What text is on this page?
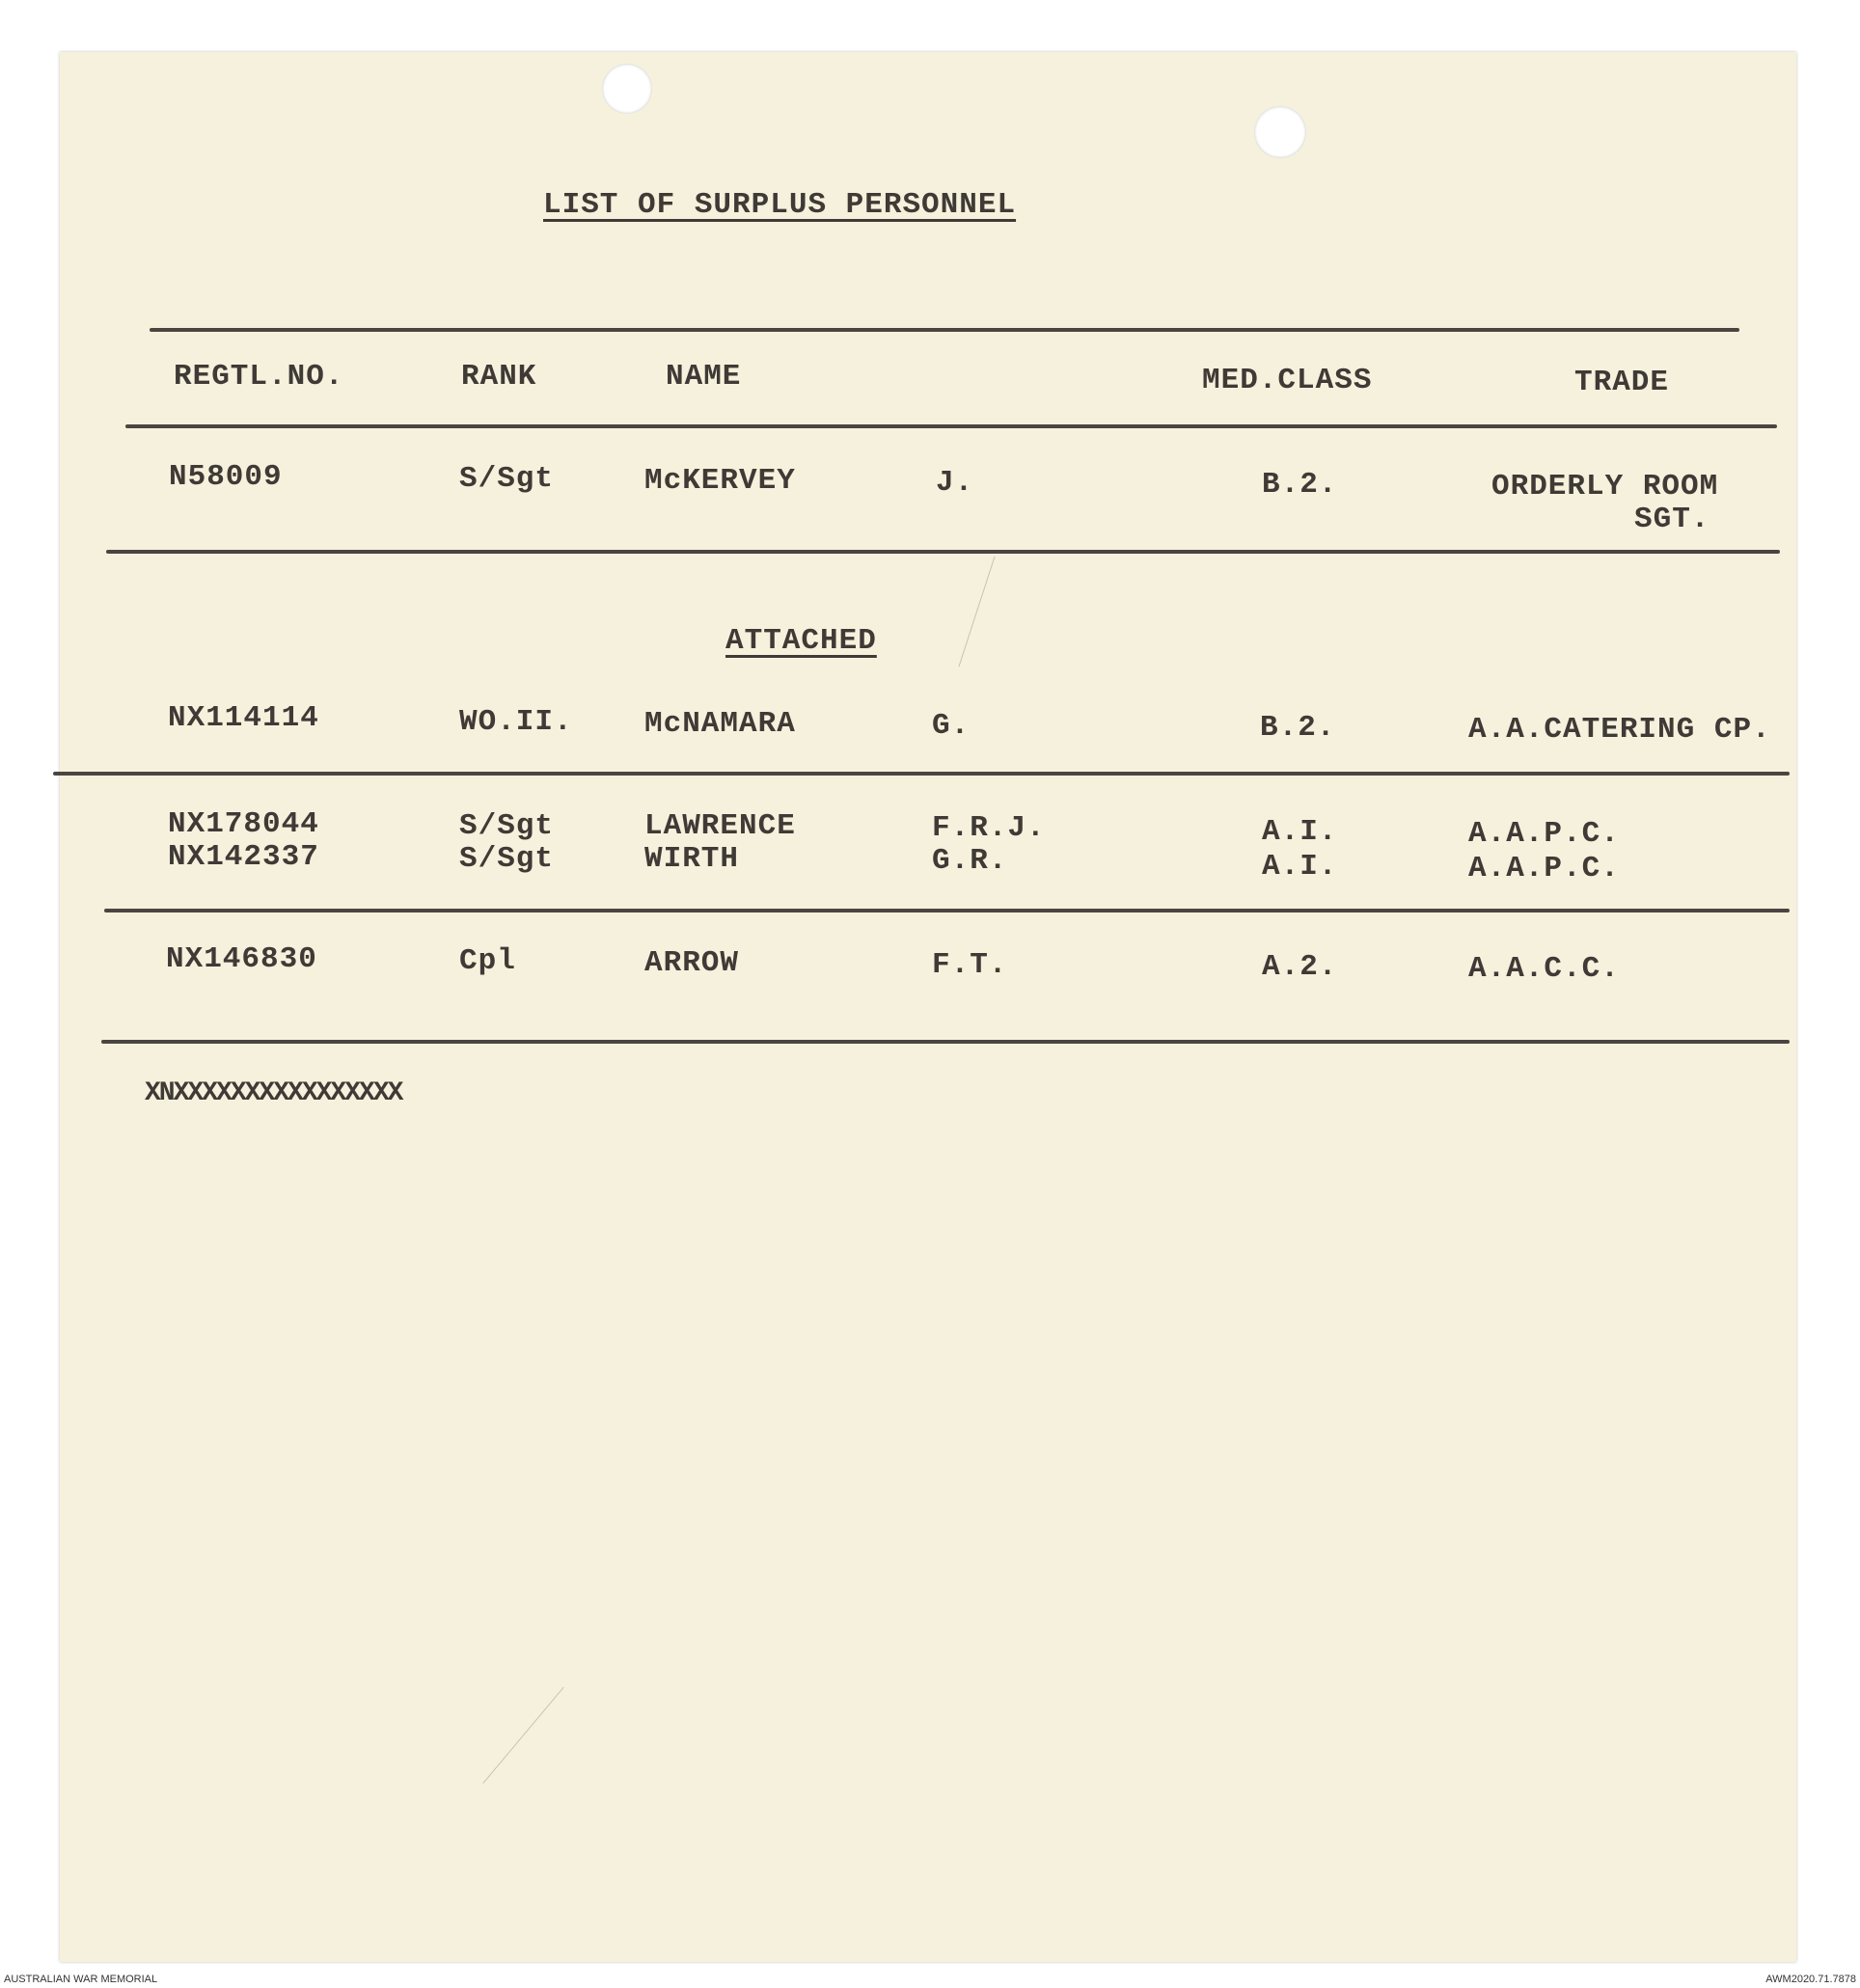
LIST OF SURPLUS PERSONNEL
REGTL.NO.	RANK	NAME	MED.CLASS	TRADE
N58009	S/Sgt	McKERVEY	J.	B.2.	ORDERLY ROOM
SGT.
ATTACHED
NX114114	WO.II. McNAMARA	G.	B.2.	A.A.CATERING CP.
NX178044	S/Sgt	LAWRENCE	F.R.J.	A.I.	A.A.P.C.
NX142337	S/Sgt	WIRTH	G.R.	A.I.	A.A.P.C.
NX146830	Cpl	ARROW	F.T.	A.2.	A.A.C.C.
XNXXXXXXXXXXXXXXXX
AUSTRALIAN WAR MEMORIAL	AWM2020.71.7878
